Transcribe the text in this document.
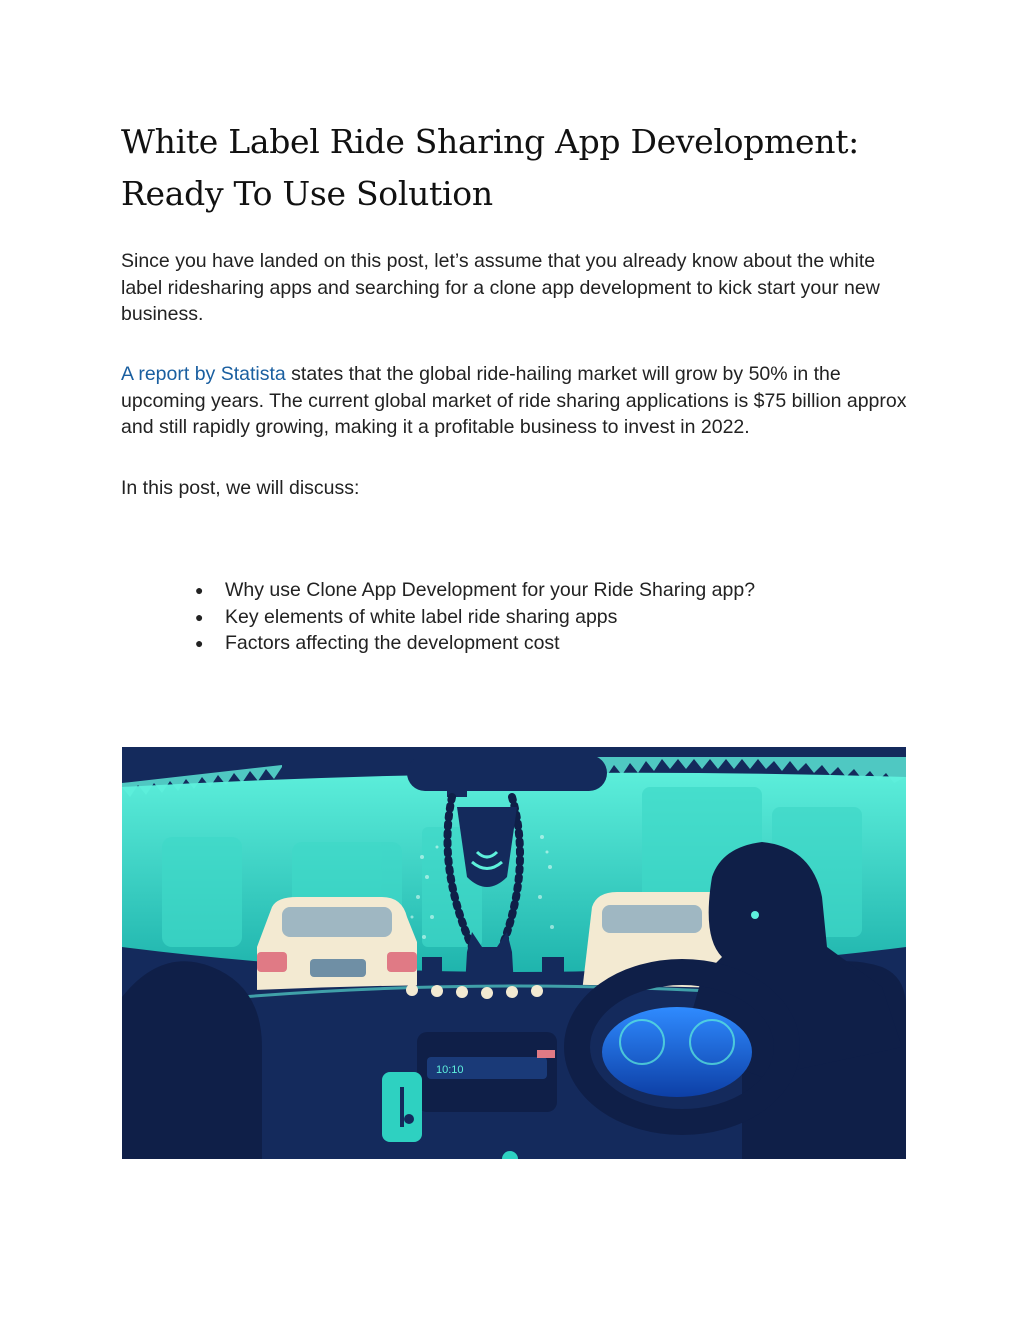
White Label Ride Sharing App Development:
Ready To Use Solution

Since you have landed on this post, let’s assume that you already know about the white label ridesharing apps and searching for a clone app development to kick start your new business.

A report by Statista states that the global ride-hailing market will grow by 50% in the upcoming years. The current global market of ride sharing applications is $75 billion approx and still rapidly growing, making it a profitable business to invest in 2022.

In this post, we will discuss:

● Why use Clone App Development for your Ride Sharing app?
● Key elements of white label ride sharing apps
● Factors affecting the development cost
10:10
